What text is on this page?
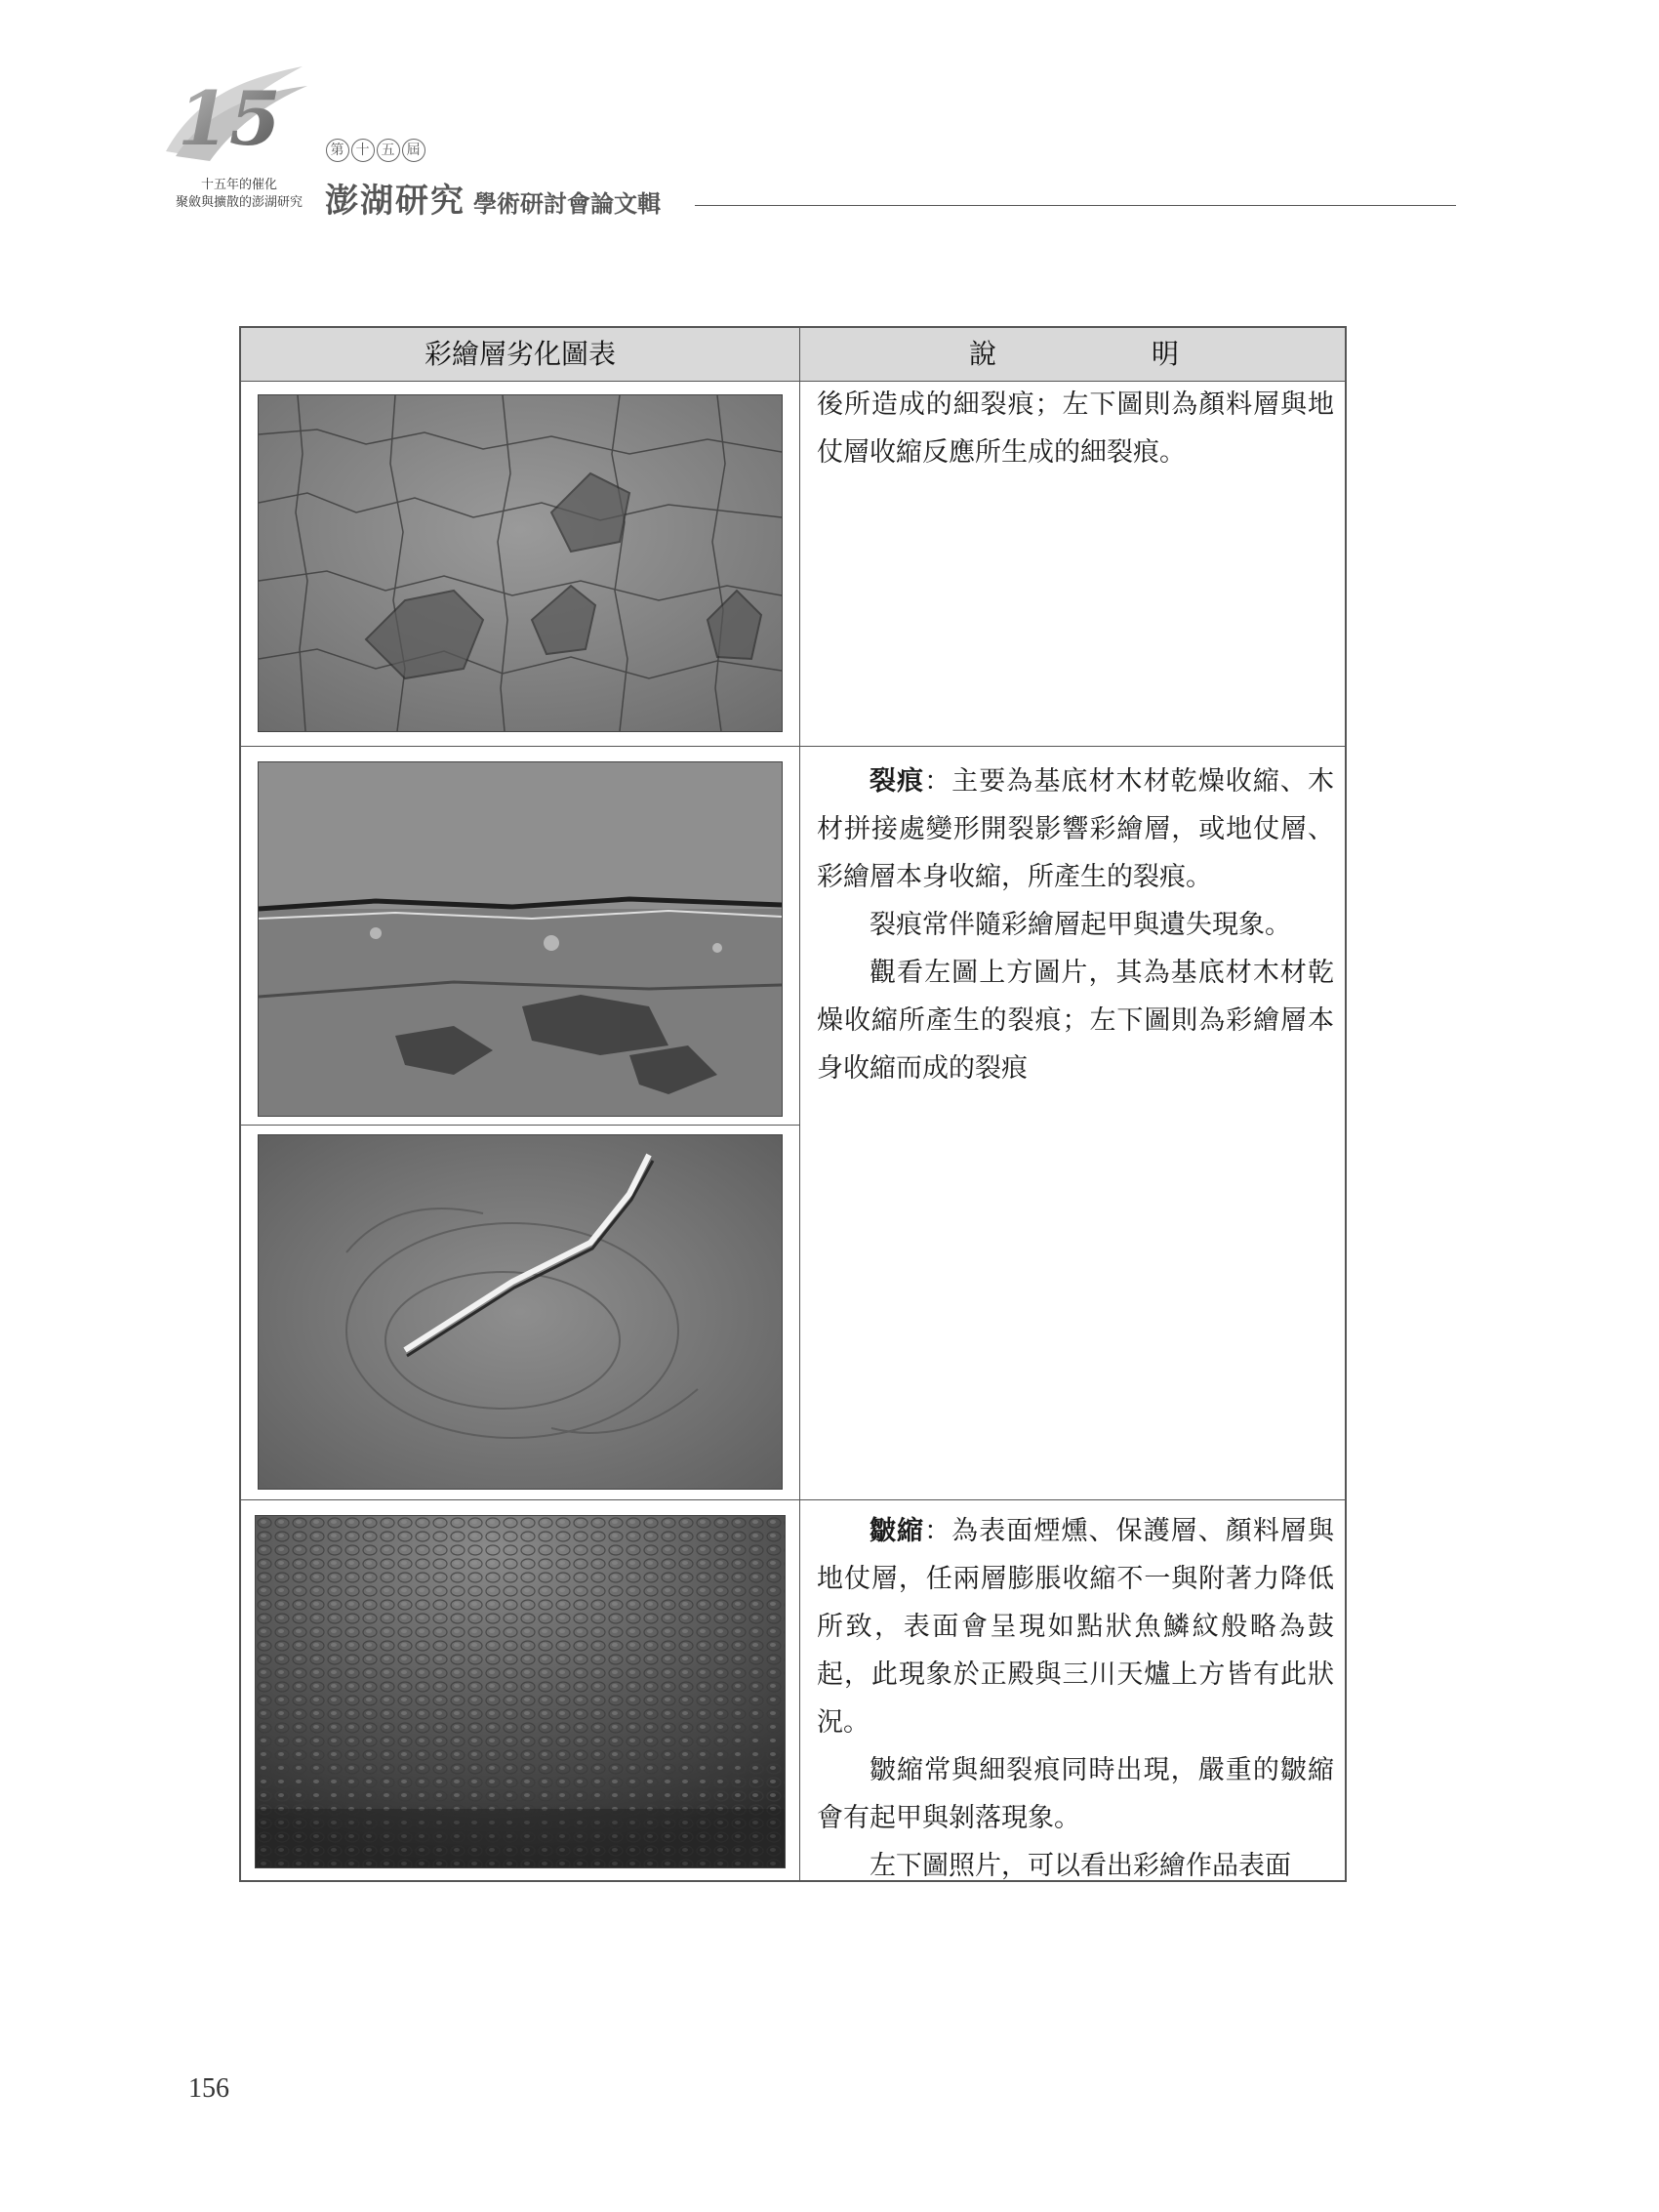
15
十五年的催化
聚斂與擴散的澎湖研究
第 十 五 屆
澎湖研究 學術研討會論文輯
彩繪層劣化圖表	說 明

後所造成的細裂痕；左下圖則為顏料層與地仗層收縮反應所生成的細裂痕。

裂痕：主要為基底材木材乾燥收縮、木材拼接處變形開裂影響彩繪層，或地仗層、彩繪層本身收縮，所產生的裂痕。

裂痕常伴隨彩繪層起甲與遺失現象。

觀看左圖上方圖片，其為基底材木材乾燥收縮所產生的裂痕；左下圖則為彩繪層本身收縮而成的裂痕

皺縮：為表面煙燻、保護層、顏料層與地仗層，任兩層膨脹收縮不一與附著力降低所致，表面會呈現如點狀魚鱗紋般略為鼓起，此現象於正殿與三川天爐上方皆有此狀況。

皺縮常與細裂痕同時出現，嚴重的皺縮會有起甲與剝落現象。

左下圖照片，可以看出彩繪作品表面

156
